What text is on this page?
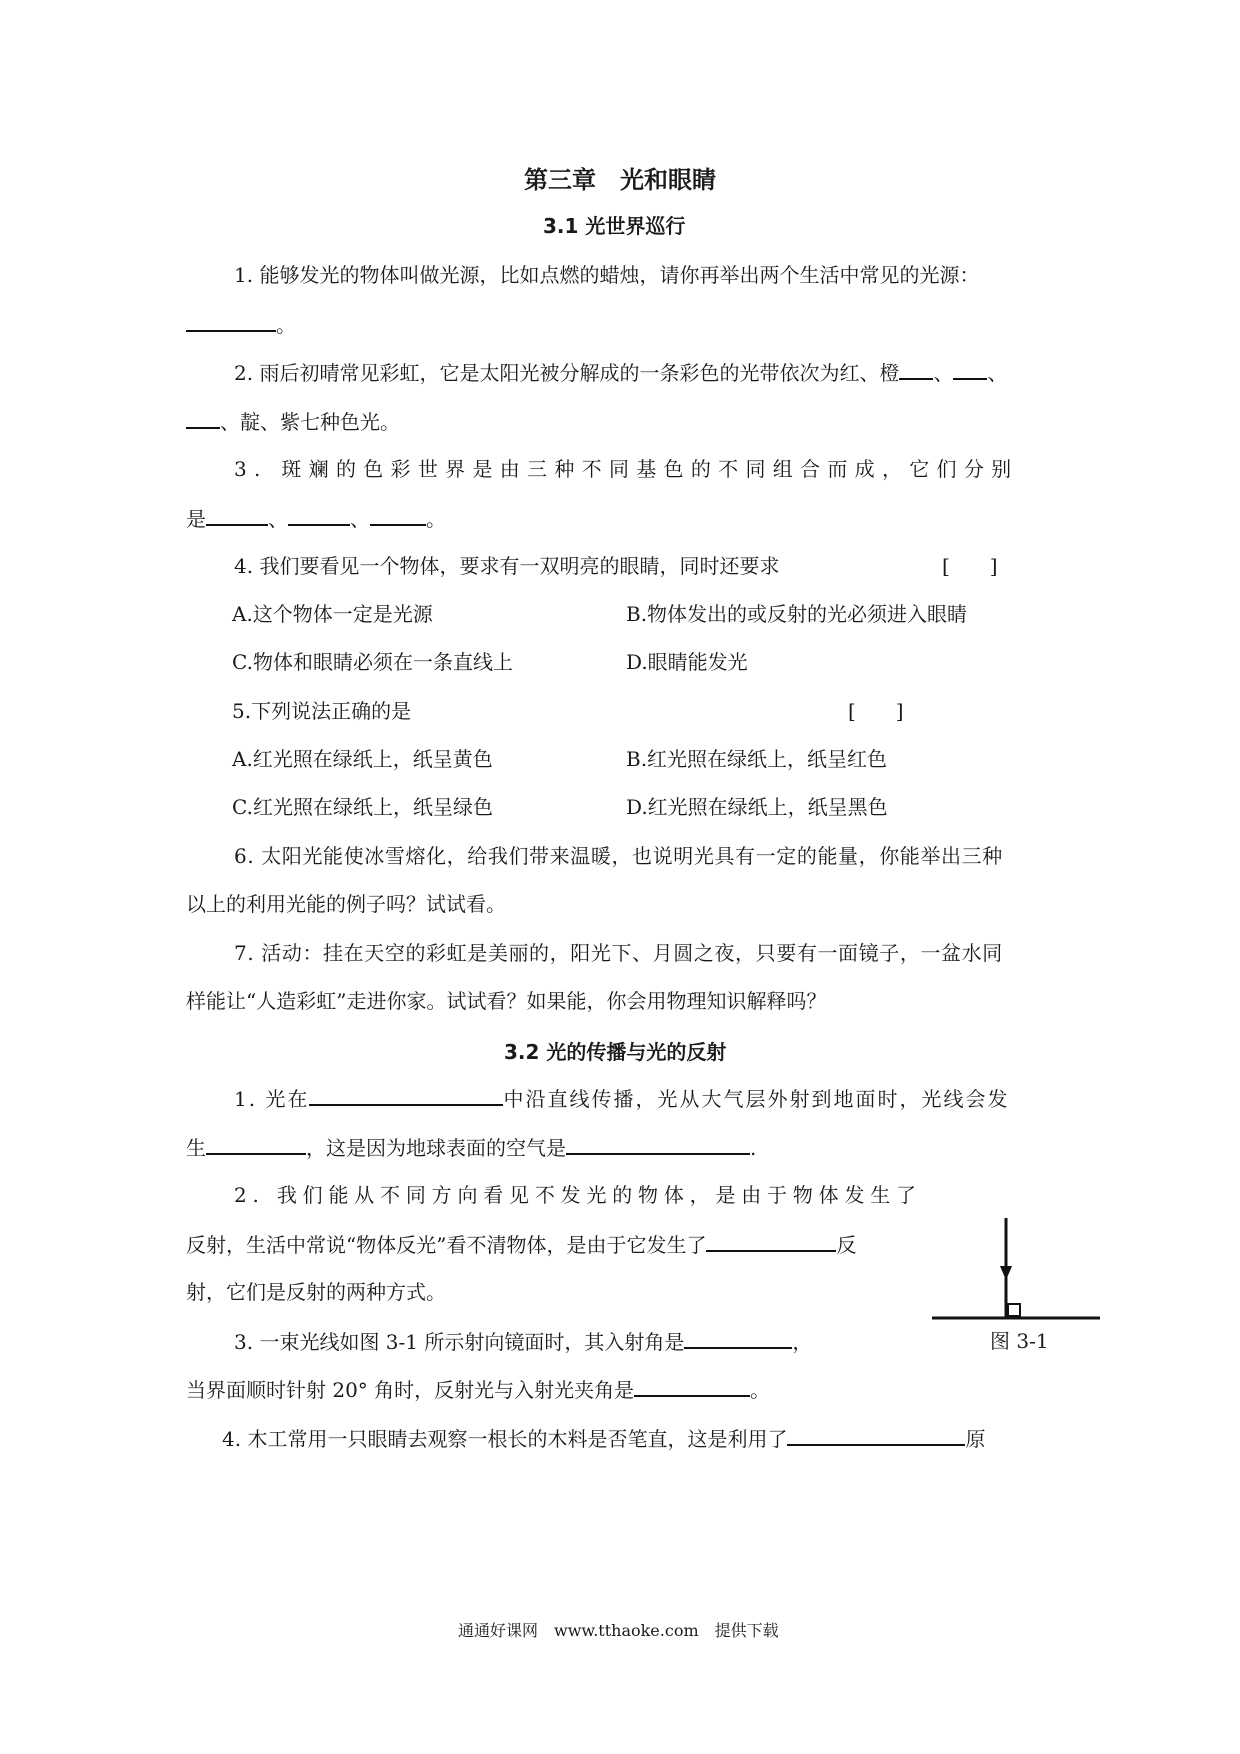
第三章　光和眼睛
3.1 光世界巡行
1. 能够发光的物体叫做光源，比如点燃的蜡烛，请你再举出两个生活中常见的光源：
。
2. 雨后初晴常见彩虹，它是太阳光被分解成的一条彩色的光带依次为红、橙 、 、
、靛、紫七种色光。
3. 斑斓的色彩世界是由三种不同基色的不同组合而成，它们分别
是	、	、	。
4. 我们要看见一个物体，要求有一双明亮的眼睛，同时还要求	[　　]
A.这个物体一定是光源	B.物体发出的或反射的光必须进入眼睛
C.物体和眼睛必须在一条直线上	D.眼睛能发光
5.下列说法正确的是	[　　]
A.红光照在绿纸上，纸呈黄色	B.红光照在绿纸上，纸呈红色
C.红光照在绿纸上，纸呈绿色	D.红光照在绿纸上，纸呈黑色
6. 太阳光能使冰雪熔化，给我们带来温暖，也说明光具有一定的能量，你能举出三种
以上的利用光能的例子吗？试试看。
7. 活动：挂在天空的彩虹是美丽的，阳光下、月圆之夜，只要有一面镜子，一盆水同
样能让“人造彩虹”走进你家。试试看？如果能，你会用物理知识解释吗？
3.2 光的传播与光的反射
1. 光在	中沿直线传播，光从大气层外射到地面时，光线会发
生	，这是因为地球表面的空气是	.
2. 我们能从不同方向看见不发光的物体，是由于物体发生了
反射，生活中常说“物体反光”看不清物体，是由于它发生了	反
射，它们是反射的两种方式。
3. 一束光线如图 3-1 所示射向镜面时，其入射角是	，
当界面顺时针射 20° 角时，反射光与入射光夹角是	。
4. 木工常用一只眼睛去观察一根长的木料是否笔直，这是利用了	原
图 3-1
通通好课网　www.tthaoke.com　提供下载
